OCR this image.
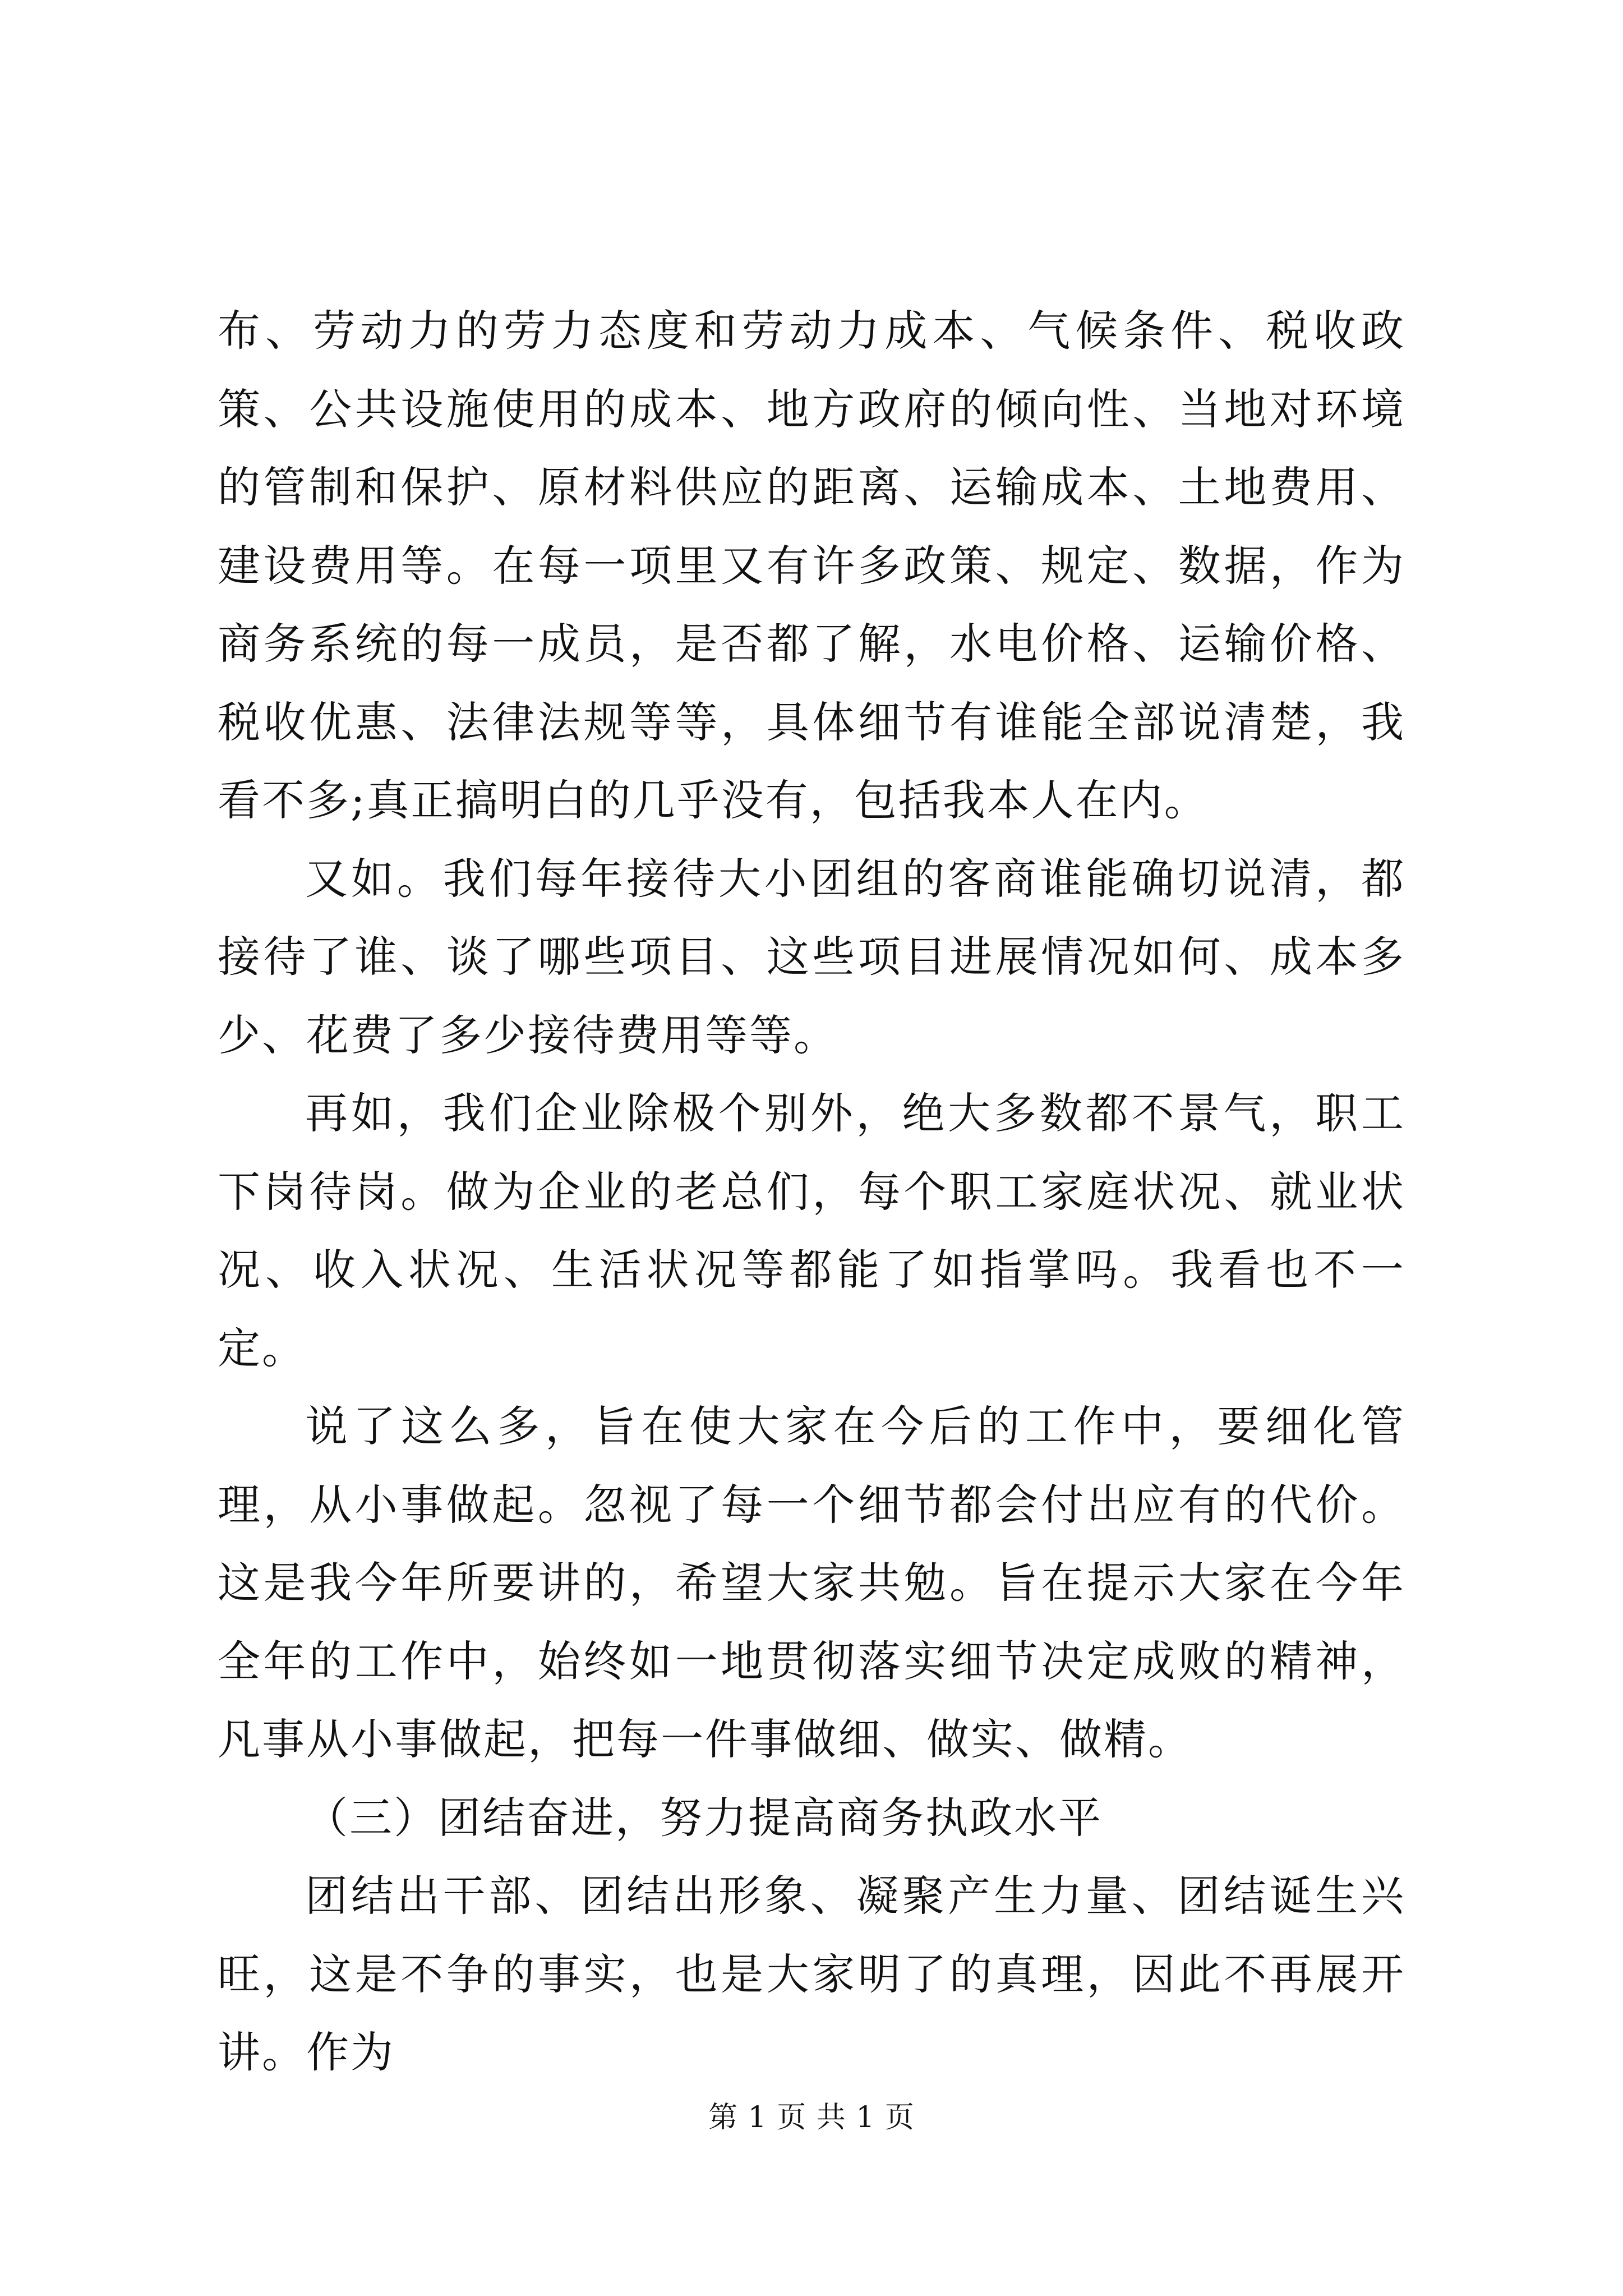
布、劳动力的劳力态度和劳动力成本、气候条件、税收政策、公共设施使用的成本、地方政府的倾向性、当地对环境的管制和保护、原材料供应的距离、运输成本、土地费用、建设费用等。在每一项里又有许多政策、规定、数据，作为商务系统的每一成员，是否都了解，水电价格、运输价格、税收优惠、法律法规等等，具体细节有谁能全部说清楚，我看不多;真正搞明白的几乎没有，包括我本人在内。

又如。我们每年接待大小团组的客商谁能确切说清，都接待了谁、谈了哪些项目、这些项目进展情况如何、成本多少、花费了多少接待费用等等。

再如，我们企业除极个别外，绝大多数都不景气，职工下岗待岗。做为企业的老总们，每个职工家庭状况、就业状况、收入状况、生活状况等都能了如指掌吗。我看也不一定。

说了这么多，旨在使大家在今后的工作中，要细化管理，从小事做起。忽视了每一个细节都会付出应有的代价。这是我今年所要讲的，希望大家共勉。旨在提示大家在今年全年的工作中，始终如一地贯彻落实细节决定成败的精神，凡事从小事做起，把每一件事做细、做实、做精。

（三）团结奋进，努力提高商务执政水平

团结出干部、团结出形象、凝聚产生力量、团结诞生兴旺，这是不争的事实，也是大家明了的真理，因此不再展开讲。作为

第 1 页 共 1 页
